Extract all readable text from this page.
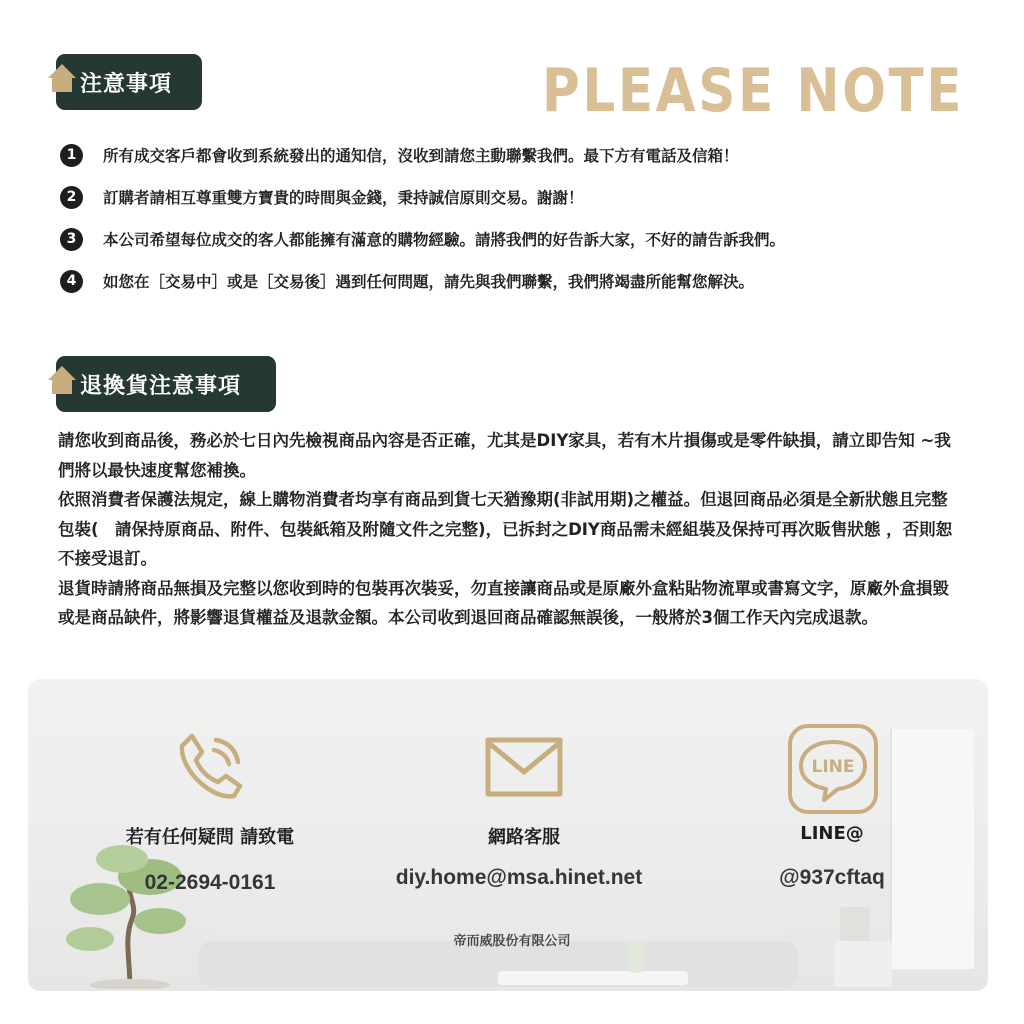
注意事項	PLEASE NOTE
1	所有成交客戶都會收到系統發出的通知信，沒收到請您主動聯繫我們。最下方有電話及信箱！
2	訂購者請相互尊重雙方寶貴的時間與金錢，秉持誠信原則交易。謝謝！
3	本公司希望每位成交的客人都能擁有滿意的購物經驗。請將我們的好告訴大家，不好的請告訴我們。
4	如您在［交易中］或是［交易後］遇到任何問題，請先與我們聯繫，我們將竭盡所能幫您解決。
退換貨注意事項

請您收到商品後，務必於七日內先檢視商品內容是否正確，尤其是DIY家具，若有木片損傷或是零件缺損，請立即告知 ~我們將以最快速度幫您補換。

依照消費者保護法規定，線上購物消費者均享有商品到貨七天猶豫期(非試用期)之權益。但退回商品必須是全新狀態且完整包裝(　請保持原商品、附件、包裝紙箱及附隨文件之完整)，已拆封之DIY商品需未經組裝及保持可再次販售狀態 ，否則恕不接受退訂。

退貨時請將商品無損及完整以您收到時的包裝再次裝妥，勿直接讓商品或是原廠外盒粘貼物流單或書寫文字，原廠外盒損毀或是商品缺件，將影響退貨權益及退款金額。本公司收到退回商品確認無誤後，一般將於3個工作天內完成退款。

若有任何疑問 請致電
02-2694-0161
網路客服
diy.home@msa.hinet.net
LINE
LINE@
@937cftaq
帝而威股份有限公司
